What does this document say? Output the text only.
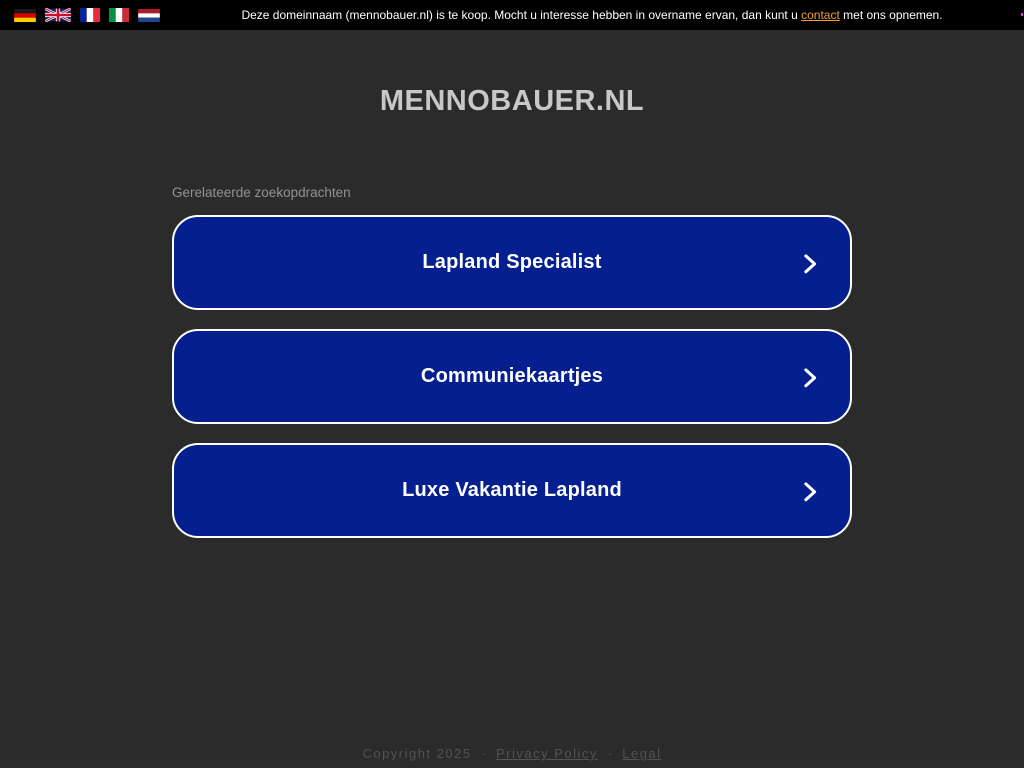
Deze domeinnaam (mennobauer.nl) is te koop. Mocht u interesse hebben in overname ervan, dan kunt u contact met ons opnemen.
MENNOBAUER.NL
Gerelateerde zoekopdrachten
Lapland Specialist
Communiekaartjes
Luxe Vakantie Lapland
Copyright 2025 · Privacy Policy · Legal
